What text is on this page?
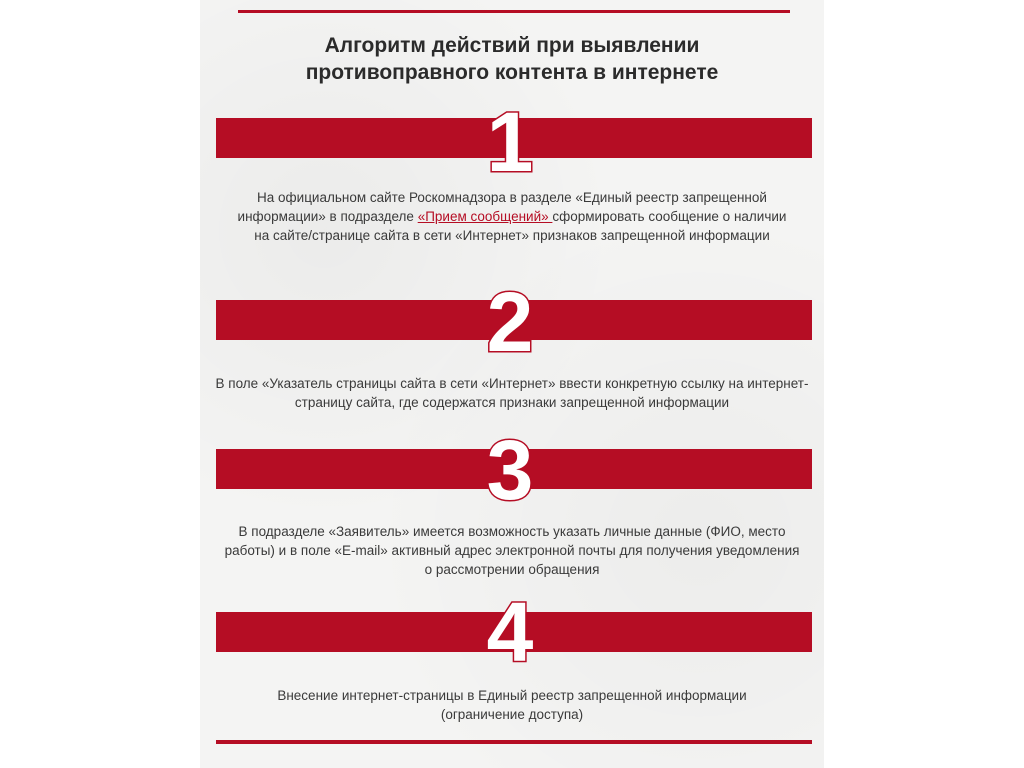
Алгоритм действий при выявлении
противоправного контента в интернете
1
На официальном сайте Роскомнадзора в разделе «Единый реестр запрещенной информации» в подразделе «Прием сообщений» сформировать сообщение о наличии на сайте/странице сайта в сети «Интернет» признаков запрещенной информации
2
В поле «Указатель страницы сайта в сети «Интернет» ввести конкретную ссылку на интернет-страницу сайта, где содержатся признаки запрещенной информации
3
В подразделе «Заявитель» имеется возможность указать личные данные (ФИО, место работы) и в поле «E-mail» активный адрес электронной почты для получения уведомления о рассмотрении обращения
4
Внесение интернет-страницы в Единый реестр запрещенной информации (ограничение доступа)
